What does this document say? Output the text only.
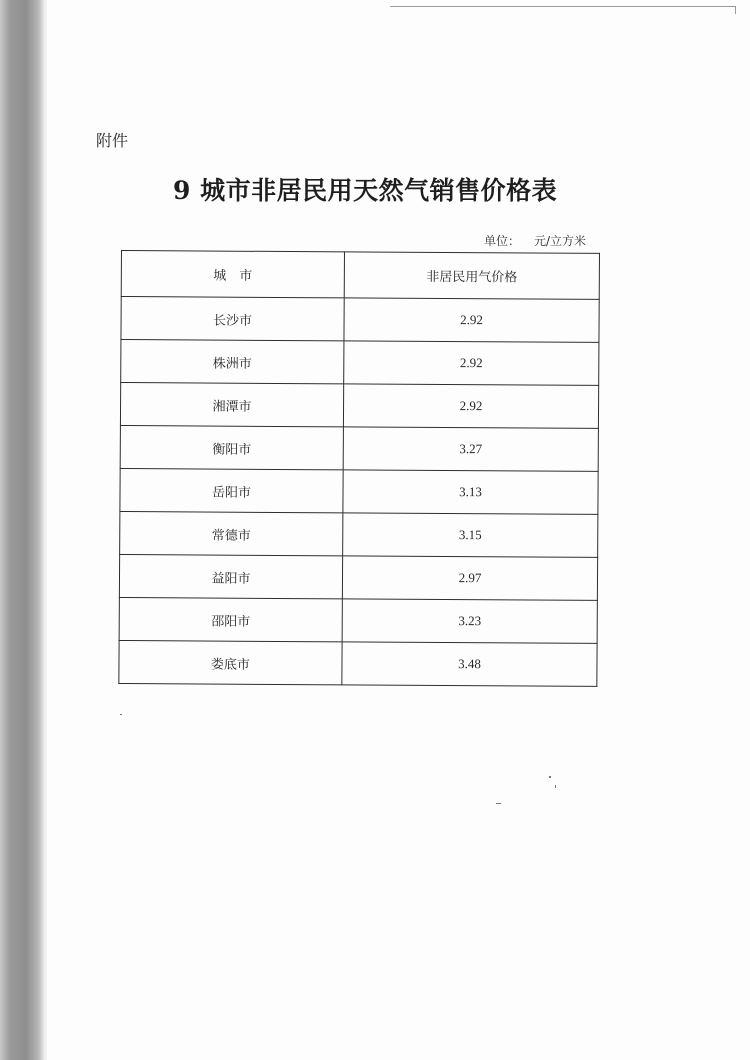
附件
9 城市非居民用天然气销售价格表
单位： 元/立方米
城　市	非居民用气价格
长沙市	2.92
株洲市	2.92
湘潭市	2.92
衡阳市	3.27
岳阳市	3.13
常德市	3.15
益阳市	2.97
邵阳市	3.23
娄底市	3.48
